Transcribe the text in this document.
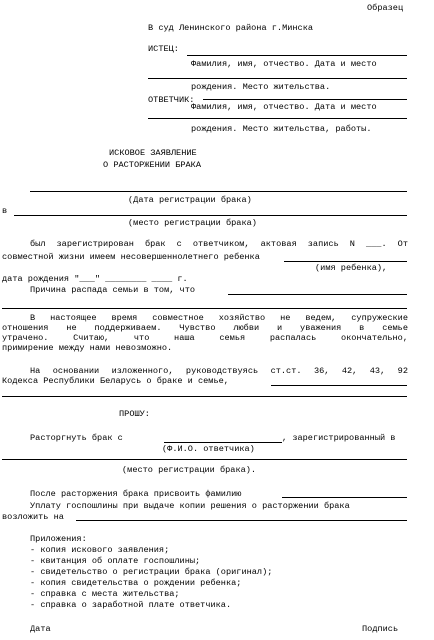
Образец
В суд Ленинского района г.Минска
ИСТЕЦ:
Фамилия, имя, отчество. Дата и место
рождения. Место жительства.
ОТВЕТЧИК:
Фамилия, имя, отчество. Дата и место
рождения. Место жительства, работы.
ИСКОВОЕ ЗАЯВЛЕНИЕ
О РАСТОРЖЕНИИ БРАКА
(Дата регистрации брака)
в
(место регистрации брака)
был зарегистрирован брак с ответчиком, актовая запись N ___. От
совместной жизни имеем несовершеннолетнего ребенка
(имя ребенка),
дата рождения "___" ________ ____ г.
Причина распада семьи в том, что
В настоящее время совместное хозяйство не ведем, супружеские
отношения не поддерживаем. Чувство любви и уважения в семье
утрачено. Считаю, что наша семья распалась окончательно,
примирение между нами невозможно.
На основании изложенного, руководствуясь ст.ст. 36, 42, 43, 92
Кодекса Республики Беларусь о браке и семье,
ПРОШУ:
Расторгнуть брак с	, зарегистрированный в
(Ф.И.О. ответчика)
(место регистрации брака).
После расторжения брака присвоить фамилию
Уплату госпошлины при выдаче копии решения о расторжении брака
возложить на
Приложения:
- копия искового заявления;
- квитанция об оплате госпошлины;
- свидетельство о регистрации брака (оригинал);
- копия свидетельства о рождении ребенка;
- справка с места жительства;
- справка о заработной плате ответчика.
Дата	Подпись
